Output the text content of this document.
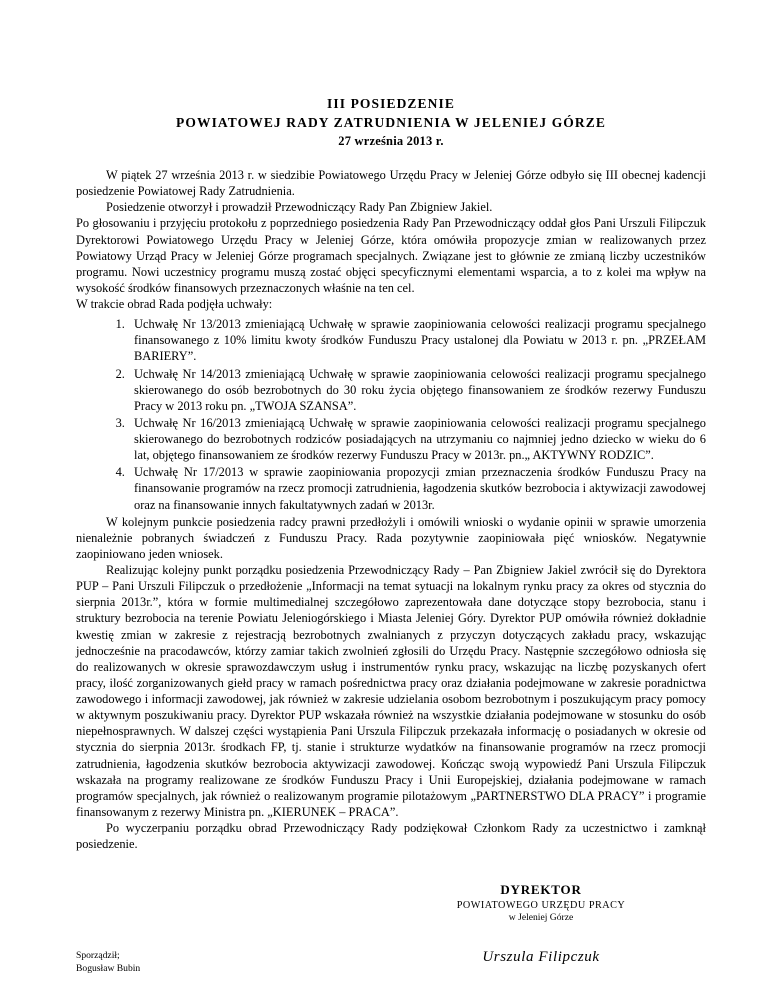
III POSIEDZENIE
POWIATOWEJ RADY ZATRUDNIENIA W JELENIEJ GÓRZE
27 września 2013 r.

W piątek 27 września 2013 r. w siedzibie Powiatowego Urzędu Pracy w Jeleniej Górze odbyło się III obecnej kadencji posiedzenie Powiatowej Rady Zatrudnienia.

Posiedzenie otworzył i prowadził Przewodniczący Rady Pan Zbigniew Jakiel.

Po głosowaniu i przyjęciu protokołu z poprzedniego posiedzenia Rady Pan Przewodniczący oddał głos Pani Urszuli Filipczuk Dyrektorowi Powiatowego Urzędu Pracy w Jeleniej Górze, która omówiła propozycje zmian w realizowanych przez Powiatowy Urząd Pracy w Jeleniej Górze programach specjalnych. Związane jest to głównie ze zmianą liczby uczestników programu. Nowi uczestnicy programu muszą zostać objęci specyficznymi elementami wsparcia, a to z kolei ma wpływ na wysokość środków finansowych przeznaczonych właśnie na ten cel.

W trakcie obrad Rada podjęła uchwały:

1. Uchwałę Nr 13/2013 zmieniającą Uchwałę w sprawie zaopiniowania celowości realizacji programu specjalnego finansowanego z 10% limitu kwoty środków Funduszu Pracy ustalonej dla Powiatu w 2013 r. pn. „PRZEŁAM BARIERY”.
2. Uchwałę Nr 14/2013 zmieniającą Uchwałę w sprawie zaopiniowania celowości realizacji programu specjalnego skierowanego do osób bezrobotnych do 30 roku życia objętego finansowaniem ze środków rezerwy Funduszu Pracy w 2013 roku pn. „TWOJA SZANSA”.
3. Uchwałę Nr 16/2013 zmieniającą Uchwałę w sprawie zaopiniowania celowości realizacji programu specjalnego skierowanego do bezrobotnych rodziców posiadających na utrzymaniu co najmniej jedno dziecko w wieku do 6 lat, objętego finansowaniem ze środków rezerwy Funduszu Pracy w 2013r. pn.„ AKTYWNY RODZIC”.
4. Uchwałę Nr 17/2013 w sprawie zaopiniowania propozycji zmian przeznaczenia środków Funduszu Pracy na finansowanie programów na rzecz promocji zatrudnienia, łagodzenia skutków bezrobocia i aktywizacji zawodowej oraz na finansowanie innych fakultatywnych zadań w 2013r.

W kolejnym punkcie posiedzenia radcy prawni przedłożyli i omówili wnioski o wydanie opinii w sprawie umorzenia nienależnie pobranych świadczeń z Funduszu Pracy. Rada pozytywnie zaopiniowała pięć wniosków. Negatywnie zaopiniowano jeden wniosek.

Realizując kolejny punkt porządku posiedzenia Przewodniczący Rady – Pan Zbigniew Jakiel zwrócił się do Dyrektora PUP – Pani Urszuli Filipczuk o przedłożenie „Informacji na temat sytuacji na lokalnym rynku pracy za okres od stycznia do sierpnia 2013r.”, która w formie multimedialnej szczegółowo zaprezentowała dane dotyczące stopy bezrobocia, stanu i struktury bezrobocia na terenie Powiatu Jeleniogórskiego i Miasta Jeleniej Góry. Dyrektor PUP omówiła również dokładnie kwestię zmian w zakresie z rejestracją bezrobotnych zwalnianych z przyczyn dotyczących zakładu pracy, wskazując jednocześnie na pracodawców, którzy zamiar takich zwolnień zgłosili do Urzędu Pracy. Następnie szczegółowo odniosła się do realizowanych w okresie sprawozdawczym usług i instrumentów rynku pracy, wskazując na liczbę pozyskanych ofert pracy, ilość zorganizowanych giełd pracy w ramach pośrednictwa pracy oraz działania podejmowane w zakresie poradnictwa zawodowego i informacji zawodowej, jak również w zakresie udzielania osobom bezrobotnym i poszukującym pracy pomocy w aktywnym poszukiwaniu pracy. Dyrektor PUP wskazała również na wszystkie działania podejmowane w stosunku do osób niepełnosprawnych. W dalszej części wystąpienia Pani Urszula Filipczuk przekazała informację o posiadanych w okresie od stycznia do sierpnia 2013r. środkach FP, tj. stanie i strukturze wydatków na finansowanie programów na rzecz promocji zatrudnienia, łagodzenia skutków bezrobocia aktywizacji zawodowej. Kończąc swoją wypowiedź Pani Urszula Filipczuk wskazała na programy realizowane ze środków Funduszu Pracy i Unii Europejskiej, działania podejmowane w ramach programów specjalnych, jak również o realizowanym programie pilotażowym „PARTNERSTWO DLA PRACY” i programie finansowanym z rezerwy Ministra pn. „KIERUNEK – PRACA”.

Po wyczerpaniu porządku obrad Przewodniczący Rady podziękował Członkom Rady za uczestnictwo i zamknął posiedzenie.

DYREKTOR
POWIATOWEGO URZĘDU PRACY
w Jeleniej Górze
Urszula Filipczuk
Sporządził;
Bogusław Bubin
